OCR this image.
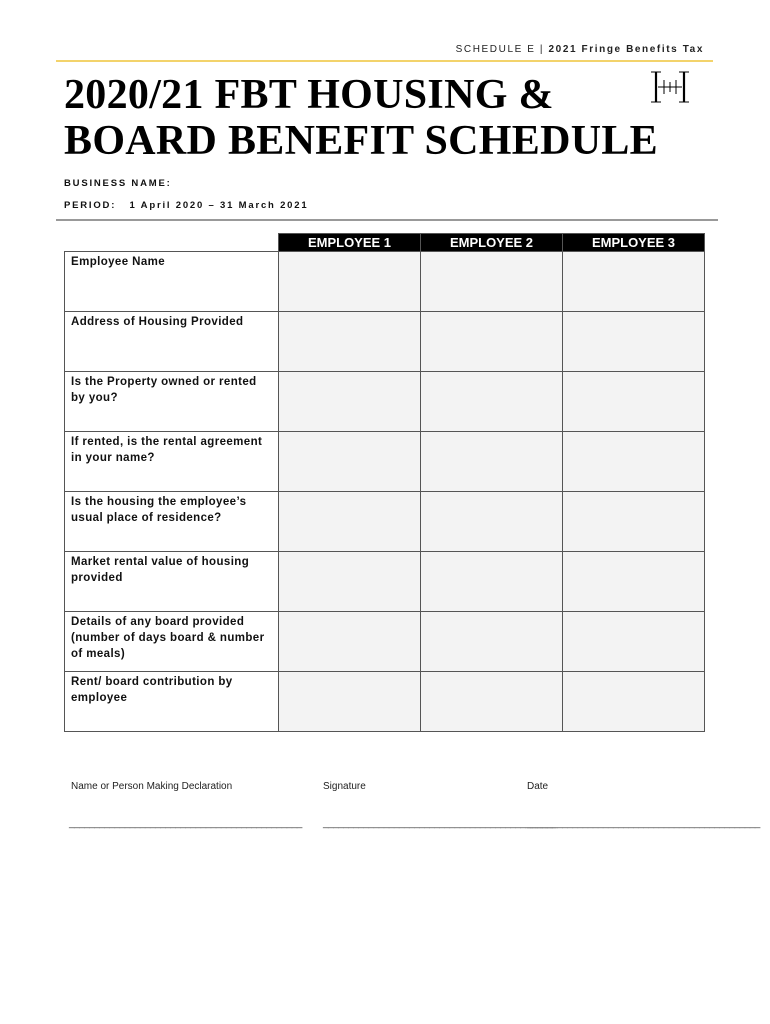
SCHEDULE E | 2021 Fringe Benefits Tax
2020/21 FBT HOUSING &
BOARD BENEFIT SCHEDULE
BUSINESS NAME:
PERIOD: 1 April 2020 – 31 March 2021
	EMPLOYEE 1	EMPLOYEE 2	EMPLOYEE 3
Employee Name			
Address of Housing Provided			
Is the Property owned or rented by you?			
If rented, is the rental agreement in your name?			
Is the housing the employee’s usual place of residence?			
Market rental value of housing provided			
Details of any board provided (number of days board & number of meals)			
Rent/ board contribution by employee			
Name or Person Making Declaration	Signature	Date
______________________________________________ ______________________________________________
______________________________________________
